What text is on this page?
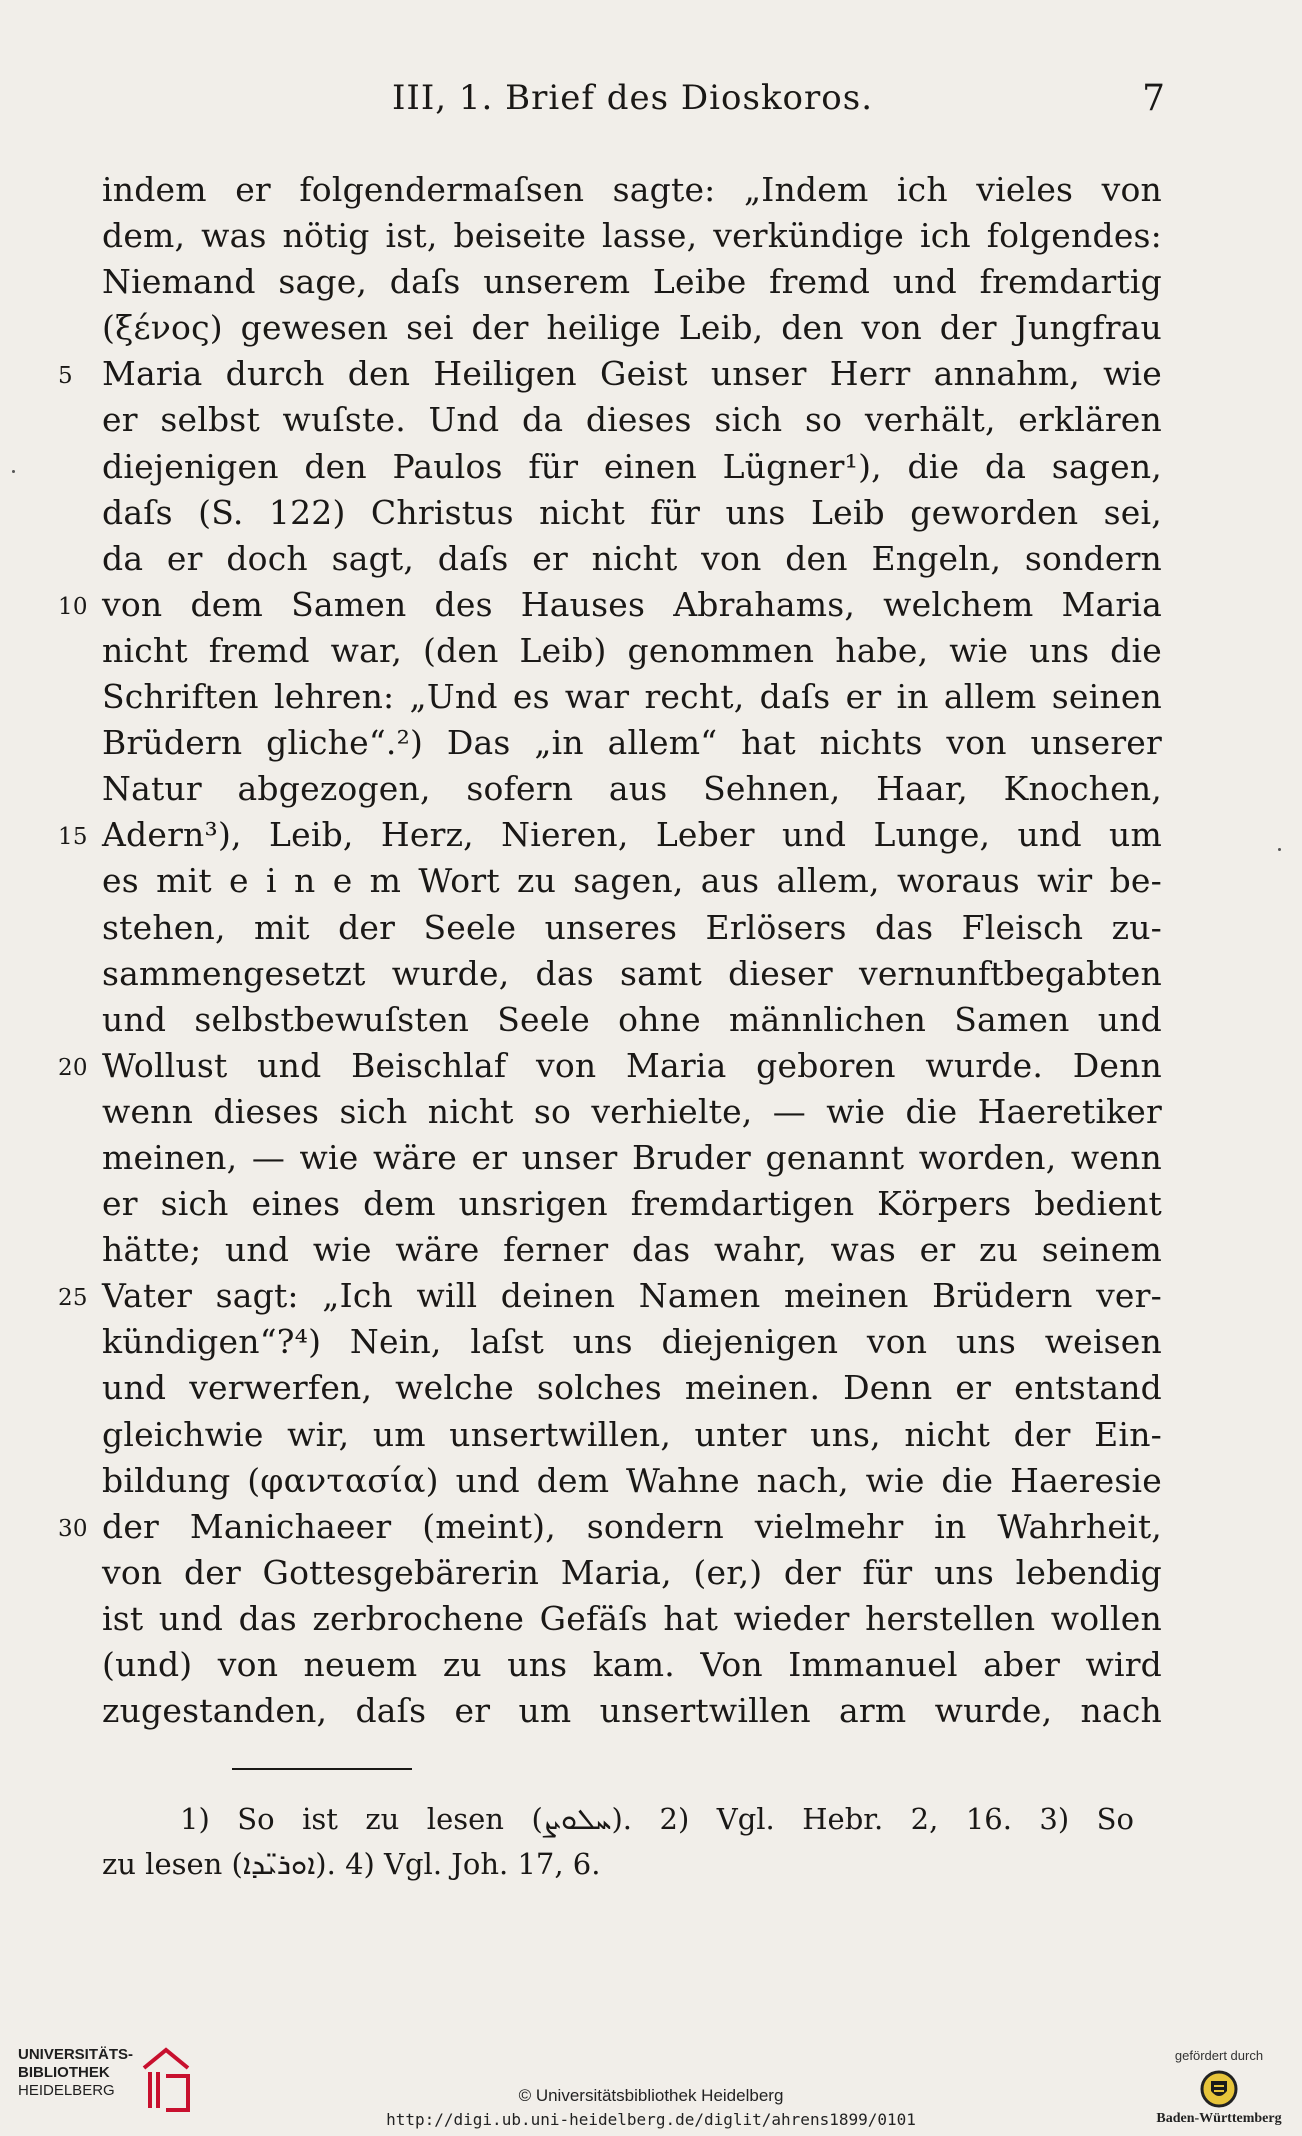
III, 1. Brief des Dioskoros.	7
indem er folgendermaſsen sagte: „Indem ich vieles von
dem, was nötig ist, beiseite lasse, verkündige ich folgendes:
Niemand sage, daſs unserem Leibe fremd und fremdartig
(ξένος) gewesen sei der heilige Leib, den von der Jungfrau
5 Maria durch den Heiligen Geist unser Herr annahm, wie
er selbst wuſste. Und da dieses sich so verhält, erklären
diejenigen den Paulos für einen Lügner¹), die da sagen,
daſs (S. 122) Christus nicht für uns Leib geworden sei,
da er doch sagt, daſs er nicht von den Engeln, sondern
10 von dem Samen des Hauses Abrahams, welchem Maria
nicht fremd war, (den Leib) genommen habe, wie uns die
Schriften lehren: „Und es war recht, daſs er in allem seinen
Brüdern gliche“.²) Das „in allem“ hat nichts von unserer
Natur abgezogen, sofern aus Sehnen, Haar, Knochen,
15 Adern³), Leib, Herz, Nieren, Leber und Lunge, und um
es mit e i n e m Wort zu sagen, aus allem, woraus wir be-
stehen, mit der Seele unseres Erlösers das Fleisch zu-
sammengesetzt wurde, das samt dieser vernunftbegabten
und selbstbewuſsten Seele ohne männlichen Samen und
20 Wollust und Beischlaf von Maria geboren wurde. Denn
wenn dieses sich nicht so verhielte, — wie die Haeretiker
meinen, — wie wäre er unser Bruder genannt worden, wenn
er sich eines dem unsrigen fremdartigen Körpers bedient
hätte; und wie wäre ferner das wahr, was er zu seinem
25 Vater sagt: „Ich will deinen Namen meinen Brüdern ver-
kündigen“?⁴) Nein, laſst uns diejenigen von uns weisen
und verwerfen, welche solches meinen. Denn er entstand
gleichwie wir, um unsertwillen, unter uns, nicht der Ein-
bildung (φαντασία) und dem Wahne nach, wie die Haeresie
30 der Manichaeer (meint), sondern vielmehr in Wahrheit,
von der Gottesgebärerin Maria, (er,) der für uns lebendig
ist und das zerbrochene Gefäſs hat wieder herstellen wollen
(und) von neuem zu uns kam. Von Immanuel aber wird
zugestanden, daſs er um unsertwillen arm wurde, nach
1) So ist zu lesen (ܚܠܘܨ). 2) Vgl. Hebr. 2, 16. 3) So
zu lesen (ܐܘܪܝ̈ܕܐ). 4) Vgl. Joh. 17, 6.
UNIVERSITÄTS-
BIBLIOTHEK
HEIDELBERG	© Universitätsbibliothek Heidelberg
http://digi.ub.uni-heidelberg.de/diglit/ahrens1899/0101
gefördert durch
Baden-Württemberg
